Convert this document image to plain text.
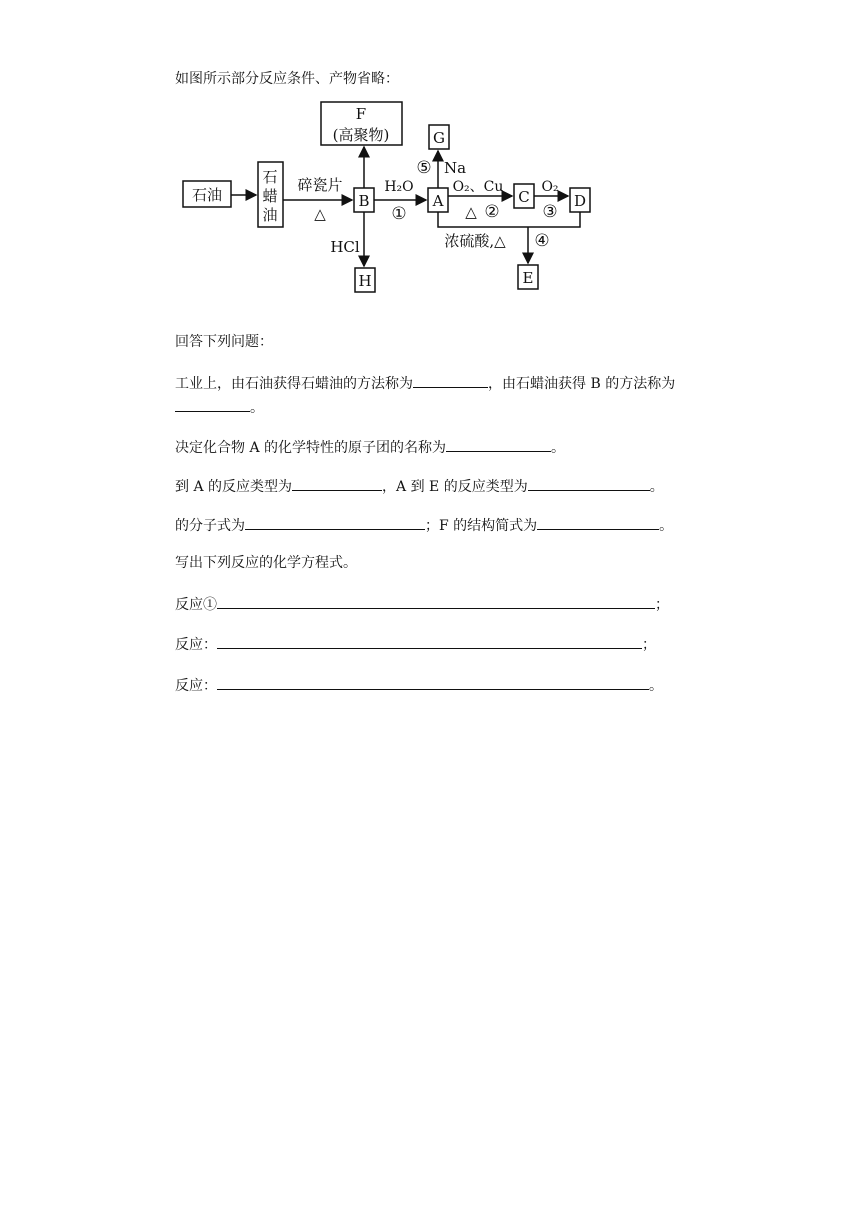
如图所示部分反应条件、产物省略：
石油
石
蜡
油
B	A	C	D
G
H	E
F
(高聚物)
碎瓷片
△
H₂O
①
O₂、Cu
△ ②
O₂
③
⑤ Na
HCl	浓硫酸,△ ④
回答下列问题：
工业上，由石油获得石蜡油的方法称为	，由石蜡油获得 B 的方法称为
。
决定化合物 A 的化学特性的原子团的名称为	。
到 A 的反应类型为	，A 到 E 的反应类型为	。
的分子式为	；F 的结构简式为	。
写出下列反应的化学方程式。
反应①	；
反应：	；
反应：	。
